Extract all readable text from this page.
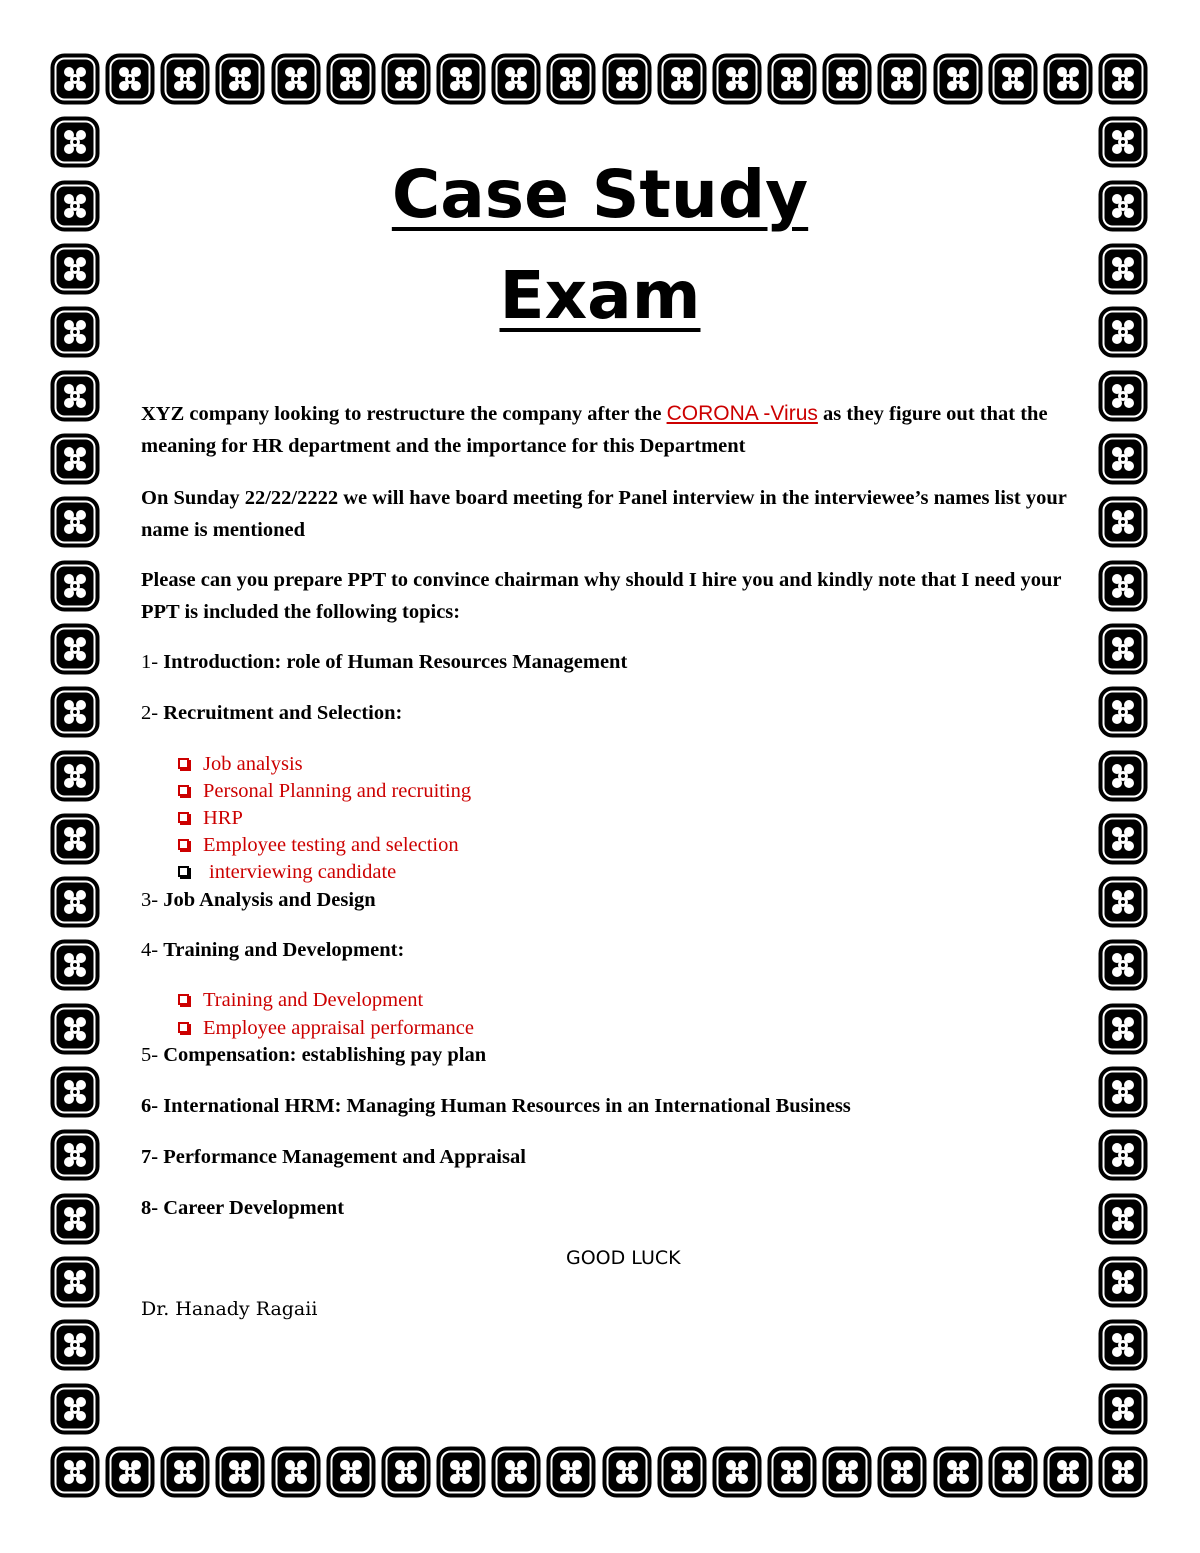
Case Study
Exam
XYZ company looking to restructure the company after the CORONA -Virus as they figure out that the meaning for HR department and the importance for this Department
On Sunday 22/22/2222 we will have board meeting for Panel interview in the interviewee’s names list your name is mentioned
Please can you prepare PPT to convince chairman why should I hire you and kindly note that I need your PPT is included the following topics:
1- Introduction: role of Human Resources Management
2- Recruitment and Selection:
Job analysis
Personal Planning and recruiting
HRP
Employee testing and selection
interviewing candidate
3- Job Analysis and Design
4- Training and Development:
Training and Development
Employee appraisal performance
5- Compensation: establishing pay plan
6- International HRM: Managing Human Resources in an International Business
7- Performance Management and Appraisal
8- Career Development
GOOD LUCK
Dr. Hanady Ragaii
